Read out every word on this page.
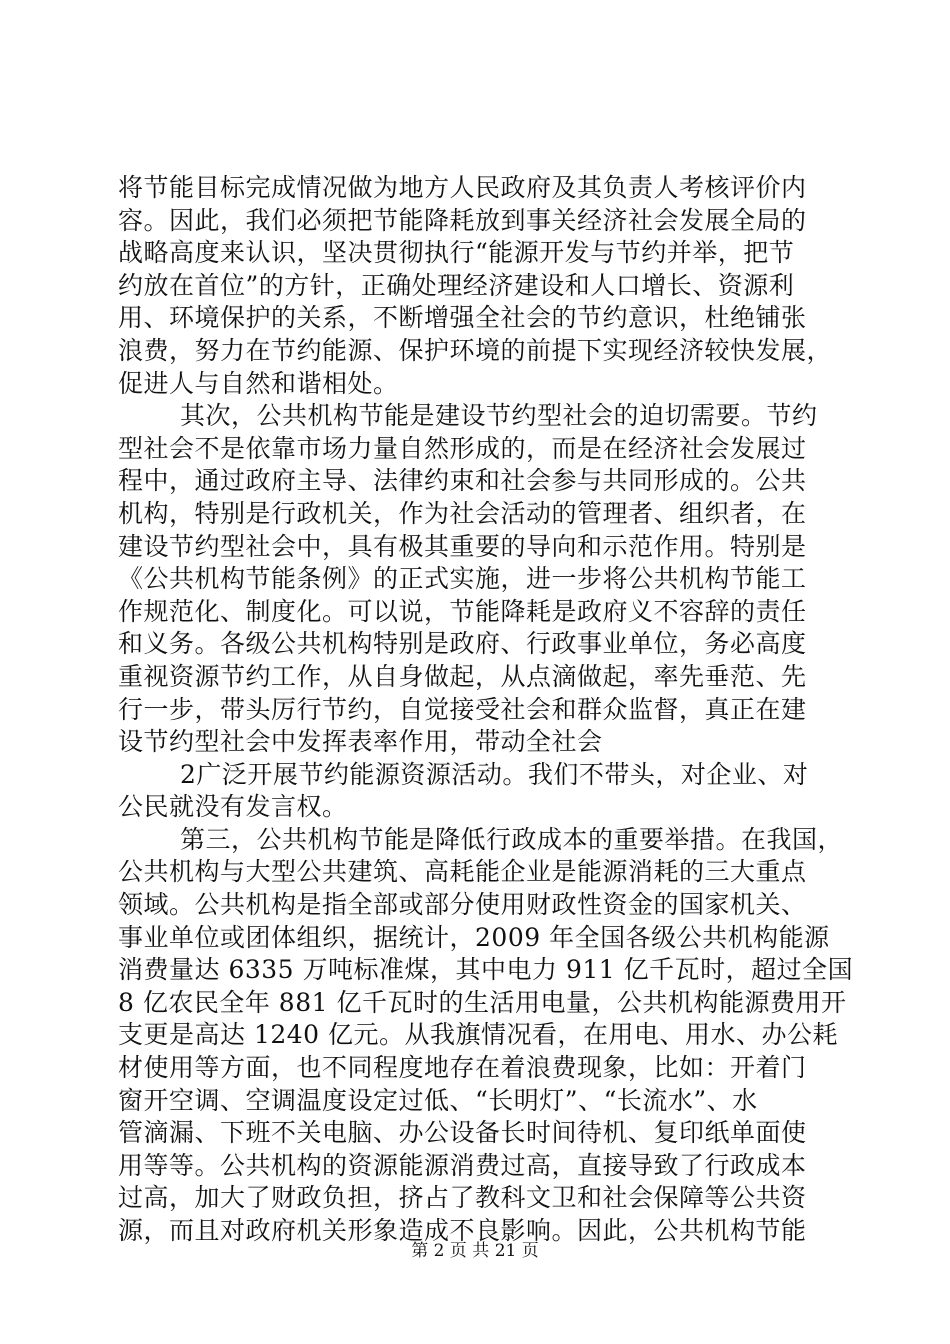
将节能目标完成情况做为地方人民政府及其负责人考核评价内
容。因此，我们必须把节能降耗放到事关经济社会发展全局的
战略高度来认识，坚决贯彻执行“能源开发与节约并举，把节
约放在首位”的方针，正确处理经济建设和人口增长、资源利
用、环境保护的关系，不断增强全社会的节约意识，杜绝铺张
浪费，努力在节约能源、保护环境的前提下实现经济较快发展，
促进人与自然和谐相处。
其次，公共机构节能是建设节约型社会的迫切需要。节约
型社会不是依靠市场力量自然形成的，而是在经济社会发展过
程中，通过政府主导、法律约束和社会参与共同形成的。公共
机构，特别是行政机关，作为社会活动的管理者、组织者，在
建设节约型社会中，具有极其重要的导向和示范作用。特别是
《公共机构节能条例》的正式实施，进一步将公共机构节能工
作规范化、制度化。可以说，节能降耗是政府义不容辞的责任
和义务。各级公共机构特别是政府、行政事业单位，务必高度
重视资源节约工作，从自身做起，从点滴做起，率先垂范、先
行一步，带头厉行节约，自觉接受社会和群众监督，真正在建
设节约型社会中发挥表率作用，带动全社会
2广泛开展节约能源资源活动。我们不带头，对企业、对
公民就没有发言权。
第三，公共机构节能是降低行政成本的重要举措。在我国，
公共机构与大型公共建筑、高耗能企业是能源消耗的三大重点
领域。公共机构是指全部或部分使用财政性资金的国家机关、
事业单位或团体组织，据统计，2009 年全国各级公共机构能源
消费量达 6335 万吨标准煤，其中电力 911 亿千瓦时，超过全国
8 亿农民全年 881 亿千瓦时的生活用电量，公共机构能源费用开
支更是高达 1240 亿元。从我旗情况看，在用电、用水、办公耗
材使用等方面，也不同程度地存在着浪费现象，比如：开着门
窗开空调、空调温度设定过低、“长明灯”、“长流水”、水
管滴漏、下班不关电脑、办公设备长时间待机、复印纸单面使
用等等。公共机构的资源能源消费过高，直接导致了行政成本
过高，加大了财政负担，挤占了教科文卫和社会保障等公共资
源，而且对政府机关形象造成不良影响。因此，公共机构节能
第 2 页 共 21 页
